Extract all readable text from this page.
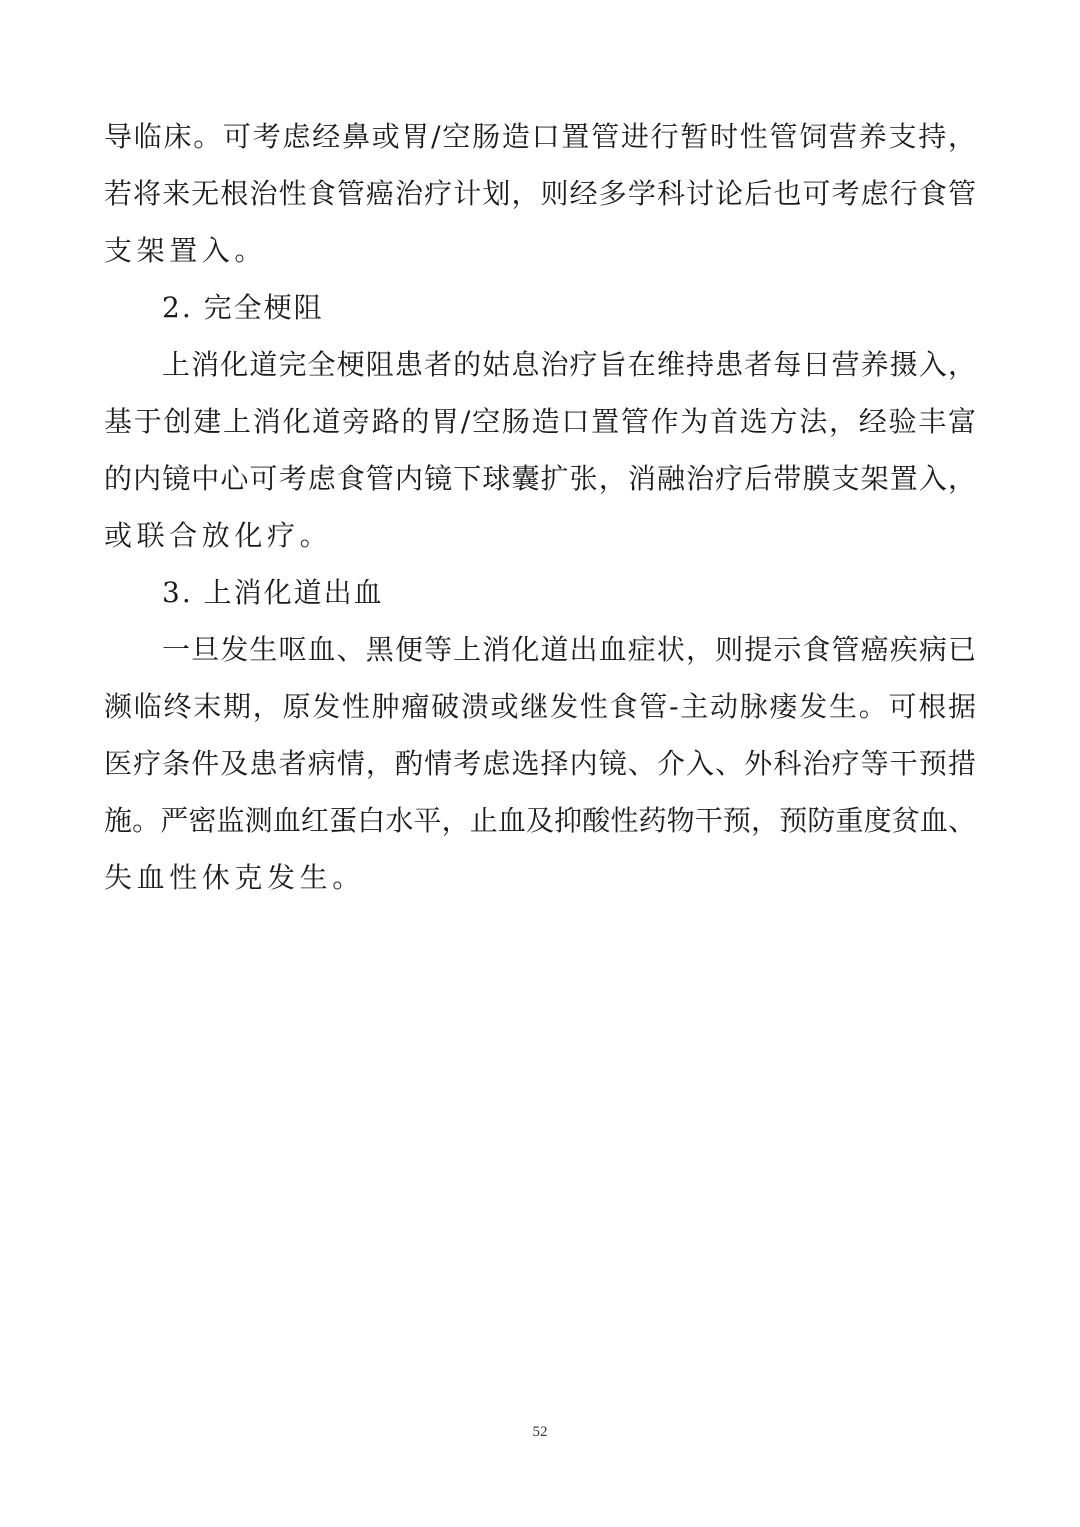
导临床。可考虑经鼻或胃/空肠造口置管进行暂时性管饲营养支持，
若将来无根治性食管癌治疗计划，则经多学科讨论后也可考虑行食管
支架置入。
2. 完全梗阻
上消化道完全梗阻患者的姑息治疗旨在维持患者每日营养摄入，
基于创建上消化道旁路的胃/空肠造口置管作为首选方法，经验丰富
的内镜中心可考虑食管内镜下球囊扩张，消融治疗后带膜支架置入，
或联合放化疗。
3. 上消化道出血
一旦发生呕血、黑便等上消化道出血症状，则提示食管癌疾病已
濒临终末期，原发性肿瘤破溃或继发性食管-主动脉瘘发生。可根据
医疗条件及患者病情，酌情考虑选择内镜、介入、外科治疗等干预措
施。严密监测血红蛋白水平，止血及抑酸性药物干预，预防重度贫血、
失血性休克发生。
52
